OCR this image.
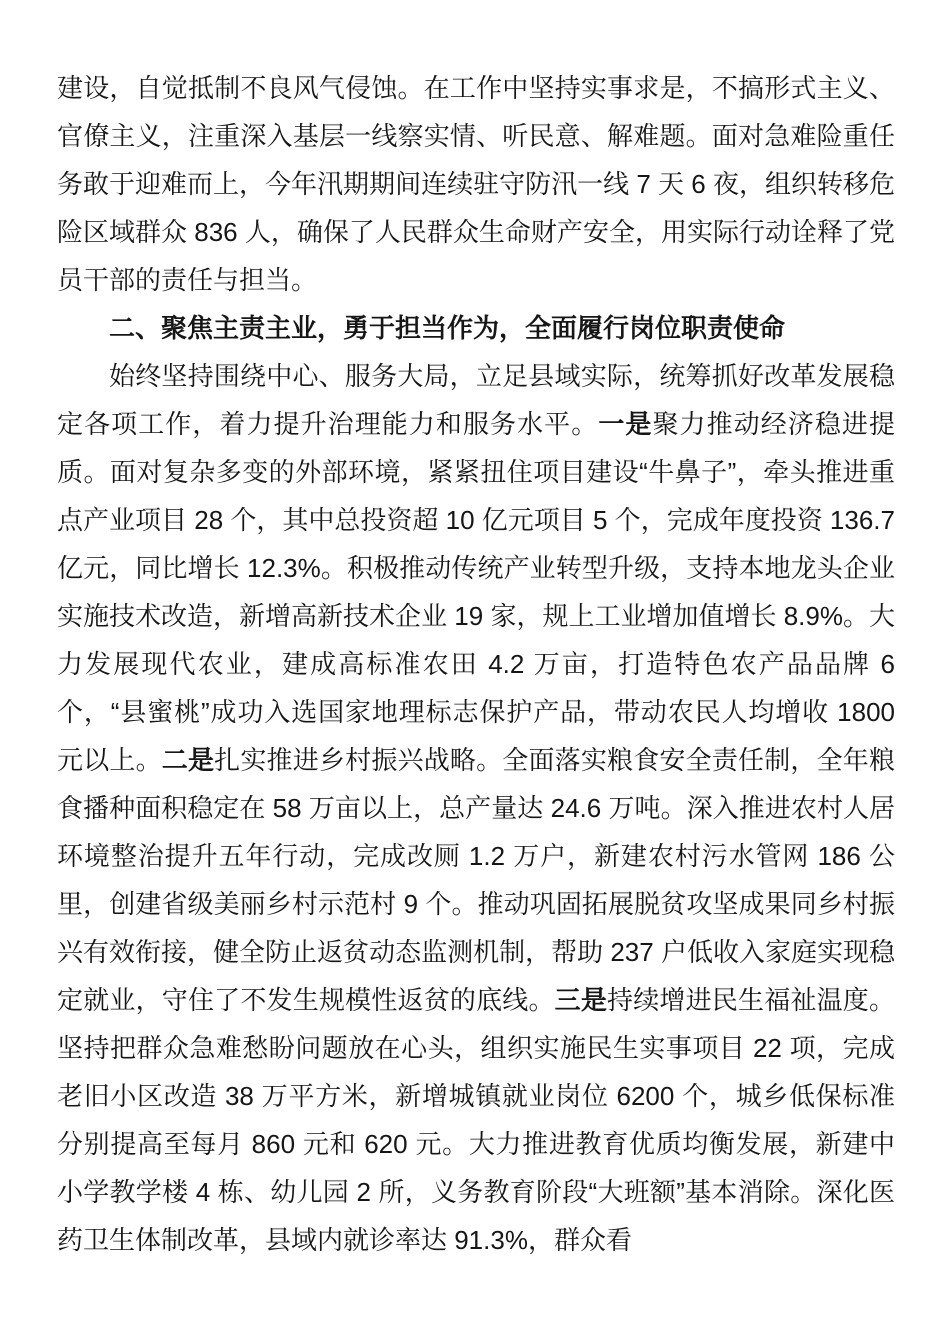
建设，自觉抵制不良风气侵蚀。在工作中坚持实事求是，不搞形式主义、官僚主义，注重深入基层一线察实情、听民意、解难题。面对急难险重任务敢于迎难而上，今年汛期期间连续驻守防汛一线 7 天 6 夜，组织转移危险区域群众 836 人，确保了人民群众生命财产安全，用实际行动诠释了党员干部的责任与担当。

二、聚焦主责主业，勇于担当作为，全面履行岗位职责使命

始终坚持围绕中心、服务大局，立足县域实际，统筹抓好改革发展稳定各项工作，着力提升治理能力和服务水平。一是聚力推动经济稳进提质。面对复杂多变的外部环境，紧紧扭住项目建设“牛鼻子”，牵头推进重点产业项目 28 个，其中总投资超 10 亿元项目 5 个，完成年度投资 136.7 亿元，同比增长 12.3%。积极推动传统产业转型升级，支持本地龙头企业实施技术改造，新增高新技术企业 19 家，规上工业增加值增长 8.9%。大力发展现代农业，建成高标准农田 4.2 万亩，打造特色农产品品牌 6 个，“县蜜桃”成功入选国家地理标志保护产品，带动农民人均增收 1800 元以上。二是扎实推进乡村振兴战略。全面落实粮食安全责任制，全年粮食播种面积稳定在 58 万亩以上，总产量达 24.6 万吨。深入推进农村人居环境整治提升五年行动，完成改厕 1.2 万户，新建农村污水管网 186 公里，创建省级美丽乡村示范村 9 个。推动巩固拓展脱贫攻坚成果同乡村振兴有效衔接，健全防止返贫动态监测机制，帮助 237 户低收入家庭实现稳定就业，守住了不发生规模性返贫的底线。三是持续增进民生福祉温度。坚持把群众急难愁盼问题放在心头，组织实施民生实事项目 22 项，完成老旧小区改造 38 万平方米，新增城镇就业岗位 6200 个，城乡低保标准分别提高至每月 860 元和 620 元。大力推进教育优质均衡发展，新建中小学教学楼 4 栋、幼儿园 2 所，义务教育阶段“大班额”基本消除。深化医药卫生体制改革，县域内就诊率达 91.3%，群众看
